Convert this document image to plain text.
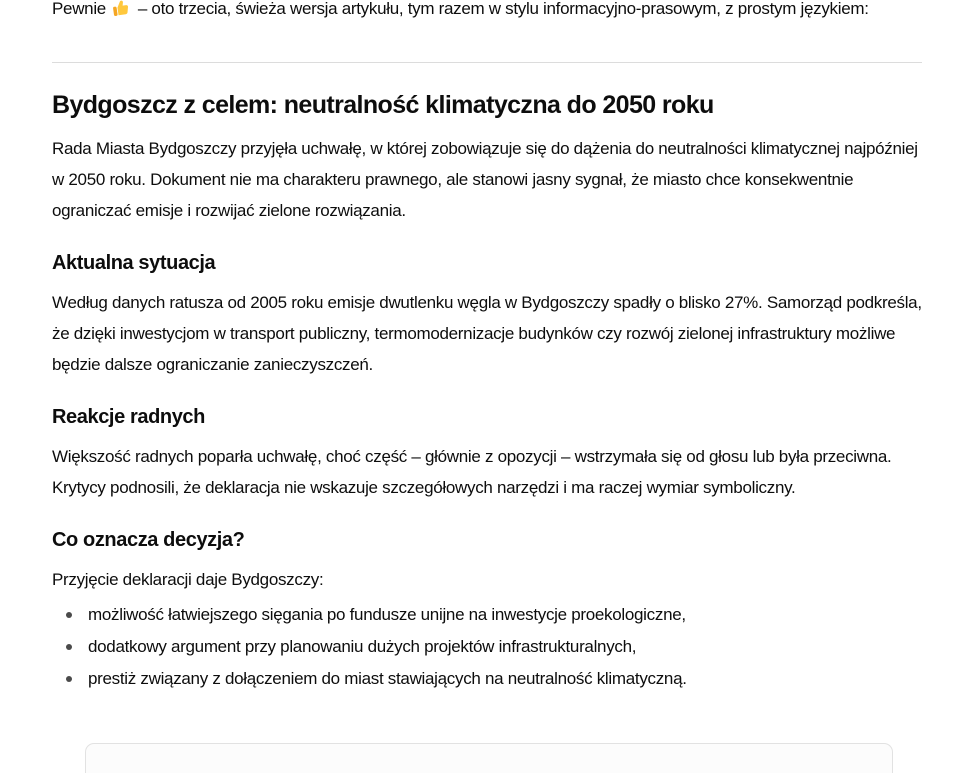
Pewnie – oto trzecia, świeża wersja artykułu, tym razem w stylu informacyjno-prasowym, z prostym językiem:

Bydgoszcz z celem: neutralność klimatyczna do 2050 roku

Rada Miasta Bydgoszczy przyjęła uchwałę, w której zobowiązuje się do dążenia do neutralności klimatycznej najpóźniej w 2050 roku. Dokument nie ma charakteru prawnego, ale stanowi jasny sygnał, że miasto chce konsekwentnie ograniczać emisje i rozwijać zielone rozwiązania.

Aktualna sytuacja

Według danych ratusza od 2005 roku emisje dwutlenku węgla w Bydgoszczy spadły o blisko 27%. Samorząd podkreśla, że dzięki inwestycjom w transport publiczny, termomodernizacje budynków czy rozwój zielonej infrastruktury możliwe będzie dalsze ograniczanie zanieczyszczeń.

Reakcje radnych

Większość radnych poparła uchwałę, choć część – głównie z opozycji – wstrzymała się od głosu lub była przeciwna. Krytycy podnosili, że deklaracja nie wskazuje szczegółowych narzędzi i ma raczej wymiar symboliczny.

Co oznacza decyzja?

Przyjęcie deklaracji daje Bydgoszczy:

możliwość łatwiejszego sięgania po fundusze unijne na inwestycje proekologiczne,
dodatkowy argument przy planowaniu dużych projektów infrastrukturalnych,
prestiż związany z dołączeniem do miast stawiających na neutralność klimatyczną.
